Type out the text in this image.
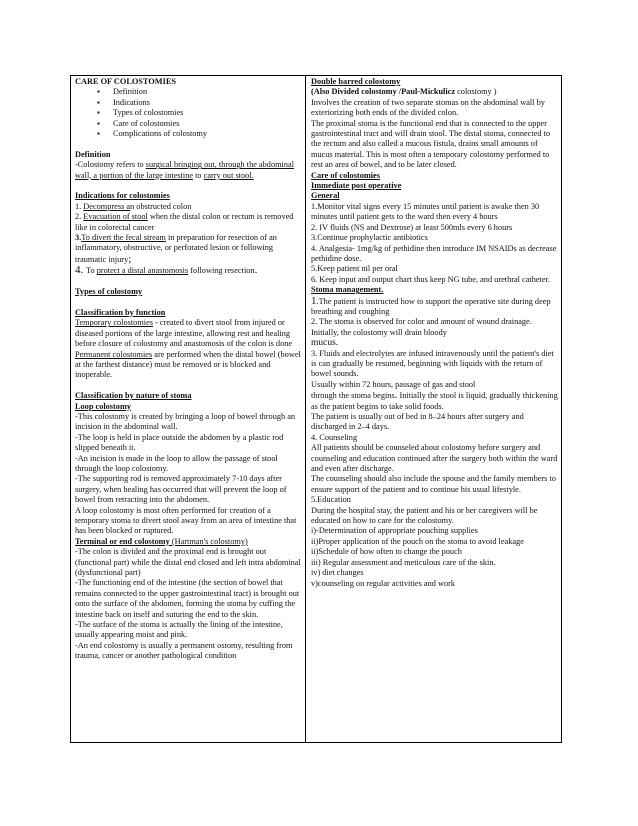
CARE OF COLOSTOMIES

▪ Definition
▪ Indications
▪ Types of colostomies
▪ Care of colostomies
▪ Complications of colostomy

Definition

-Colostomy refers to surgical bringing out, through the abdominal wall, a portion of the large intestine to carry out stool.

Indications for colostomies

1. Decompress an obstructed colon

2. Evacuation of stool when the distal colon or rectum is removed like in colorectal cancer

3.To divert the fecal stream in preparation for resection of an inflammatory, obstructive, or perforated lesion or following traumatic injury;

4. To protect a distal anastomosis following resection.

Types of colostomy

Classification by function

Temporary colostomies - created to divert stool from injured or diseased portions of the large intestine, allowing rest and healing before closure of colostomy and anastomosis of the colon is done

Permanent colostomies are performed when the distal bowel (bowel at the farthest distance) must be removed or is blocked and inoperable.

Classification by nature of stoma

Loop colostomy

-This colostomy is created by bringing a loop of bowel through an incision in the abdominal wall.

-The loop is held in place outside the abdomen by a plastic rod slipped beneath it.

-An incision is made in the loop to allow the passage of stool through the loop colostomy.

-The supporting rod is removed approximately 7-10 days after surgery, when healing has occurred that will prevent the loop of bowel from retracting into the abdomen.

A loop colostomy is most often performed for creation of a temporary stoma to divert stool away from an area of intestine that has been blocked or ruptured.

Terminal or end colostomy (Hartman's colostomy)

-The colon is divided and the proximal end is brought out (functional part) while the distal end closed and left intra abdominal (dysfunctional part)

-The functioning end of the intestine (the section of bowel that remains connected to the upper gastrointestinal tract) is brought out onto the surface of the abdomen, forming the stoma by cuffing the intestine back on itself and suturing the end to the skin.

-The surface of the stoma is actually the lining of the intestine, usually appearing moist and pink.

-An end colostomy is usually a permanent ostomy, resulting from trauma, cancer or another pathological condition

Double barred colostomy

(Also Divided colostomy /Paul-Mickulicz colostomy )

Involves the creation of two separate stomas on the abdominal wall by exteriorizing both ends of the divided colon.

The proximal stoma is the functional end that is connected to the upper gastrointestinal tract and will drain stool. The distal stoma, connected to the rectum and also called a mucous fistula, drains small amounts of mucus material. This is most often a temporary colostomy performed to rest an area of bowel, and to be later closed.

Care of colostomies

Immediate post operative

General

1.Monitor vital signs every 15 minutes until patient is awake then 30 minutes until patient gets to the ward then every 4 hours

2. IV fluids (NS and Dextrose) at least 500mls every 6 hours

3.Continue prophylactic antibiotics

4. Analgesia- 1mg/kg of pethidine then introduce IM NSAIDs as decrease pethidine dose.

5.Keep patient nil per oral

6. Keep input and output chart thus keep NG tube, and urethral catheter.

Stoma management.

1.The patient is instructed how to support the operative site during deep breathing and coughing

2. The stoma is observed for color and amount of wound drainage. Initially, the colostomy will drain bloody

mucus.

3. Fluids and electrolytes are infused intravenously until the patient's diet is can gradually be resumed, beginning with liquids with the return of bowel sounds.

Usually within 72 hours, passage of gas and stool

through the stoma begins. Initially the stool is liquid, gradually thickening as the patient begins to take solid foods.

The patient is usually out of bed in 8–24 hours after surgery and discharged in 2–4 days.

4. Counseling

All patients should be counseled about colostomy before surgery and counseling and education continued after the surgery both within the ward and even after discharge.

The counseling should also include the spouse and the family members to ensure support of the patient and to continue his usual lifestyle.

5.Education

During the hospital stay, the patient and his or her caregivers will be educated on how to care for the colostomy.

i)-Determination of appropriate pouching supplies

ii)Proper application of the pouch on the stoma to avoid leakage

ii)Schedule of how often to change the pouch

iii) Regular assessment and meticulous care of the skin.

iv) diet changes

v)counseling on regular activities and work
